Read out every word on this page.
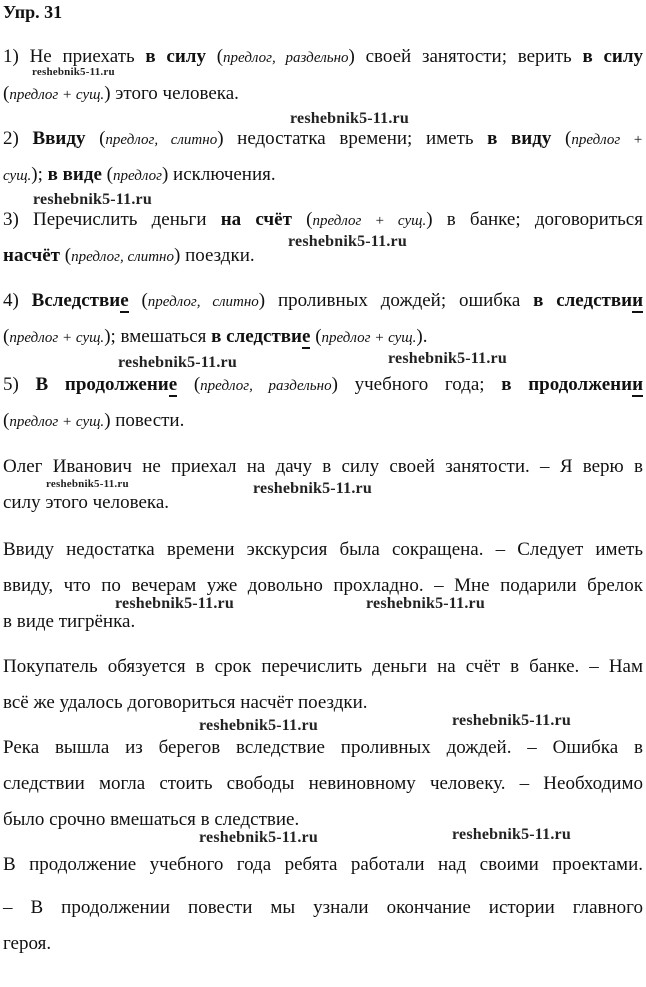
Упр. 31
1) Не приехать в силу (предлог, раздельно) своей занятости; верить в силу
(предлог + сущ.) этого человека.
2) Ввиду (предлог, слитно) недостатка времени; иметь в виду (предлог +
сущ.); в виде (предлог) исключения.
3) Перечислить деньги на счёт (предлог + сущ.) в банке; договориться
насчёт (предлог, слитно) поездки.
4) Вследствие (предлог, слитно) проливных дождей; ошибка в следствии
(предлог + сущ.); вмешаться в следствие (предлог + сущ.).
5) В продолжение (предлог, раздельно) учебного года; в продолжении
(предлог + сущ.) повести.
Олег Иванович не приехал на дачу в силу своей занятости. – Я верю в
силу этого человека.
Ввиду недостатка времени экскурсия была сокращена. – Следует иметь
ввиду, что по вечерам уже довольно прохладно. – Мне подарили брелок
в виде тигрёнка.
Покупатель обязуется в срок перечислить деньги на счёт в банке. – Нам
всё же удалось договориться насчёт поездки.
Река вышла из берегов вследствие проливных дождей. – Ошибка в
следствии могла стоить свободы невиновному человеку. – Необходимо
было срочно вмешаться в следствие.
В продолжение учебного года ребята работали над своими проектами.
– В продолжении повести мы узнали окончание истории главного
героя.
reshebnik5-11.ru
reshebnik5-11.ru
reshebnik5-11.ru
reshebnik5-11.ru
reshebnik5-11.ru	reshebnik5-11.ru
reshebnik5-11.ru	reshebnik5-11.ru
reshebnik5-11.ru	reshebnik5-11.ru
reshebnik5-11.ru	reshebnik5-11.ru
reshebnik5-11.ru	reshebnik5-11.ru
